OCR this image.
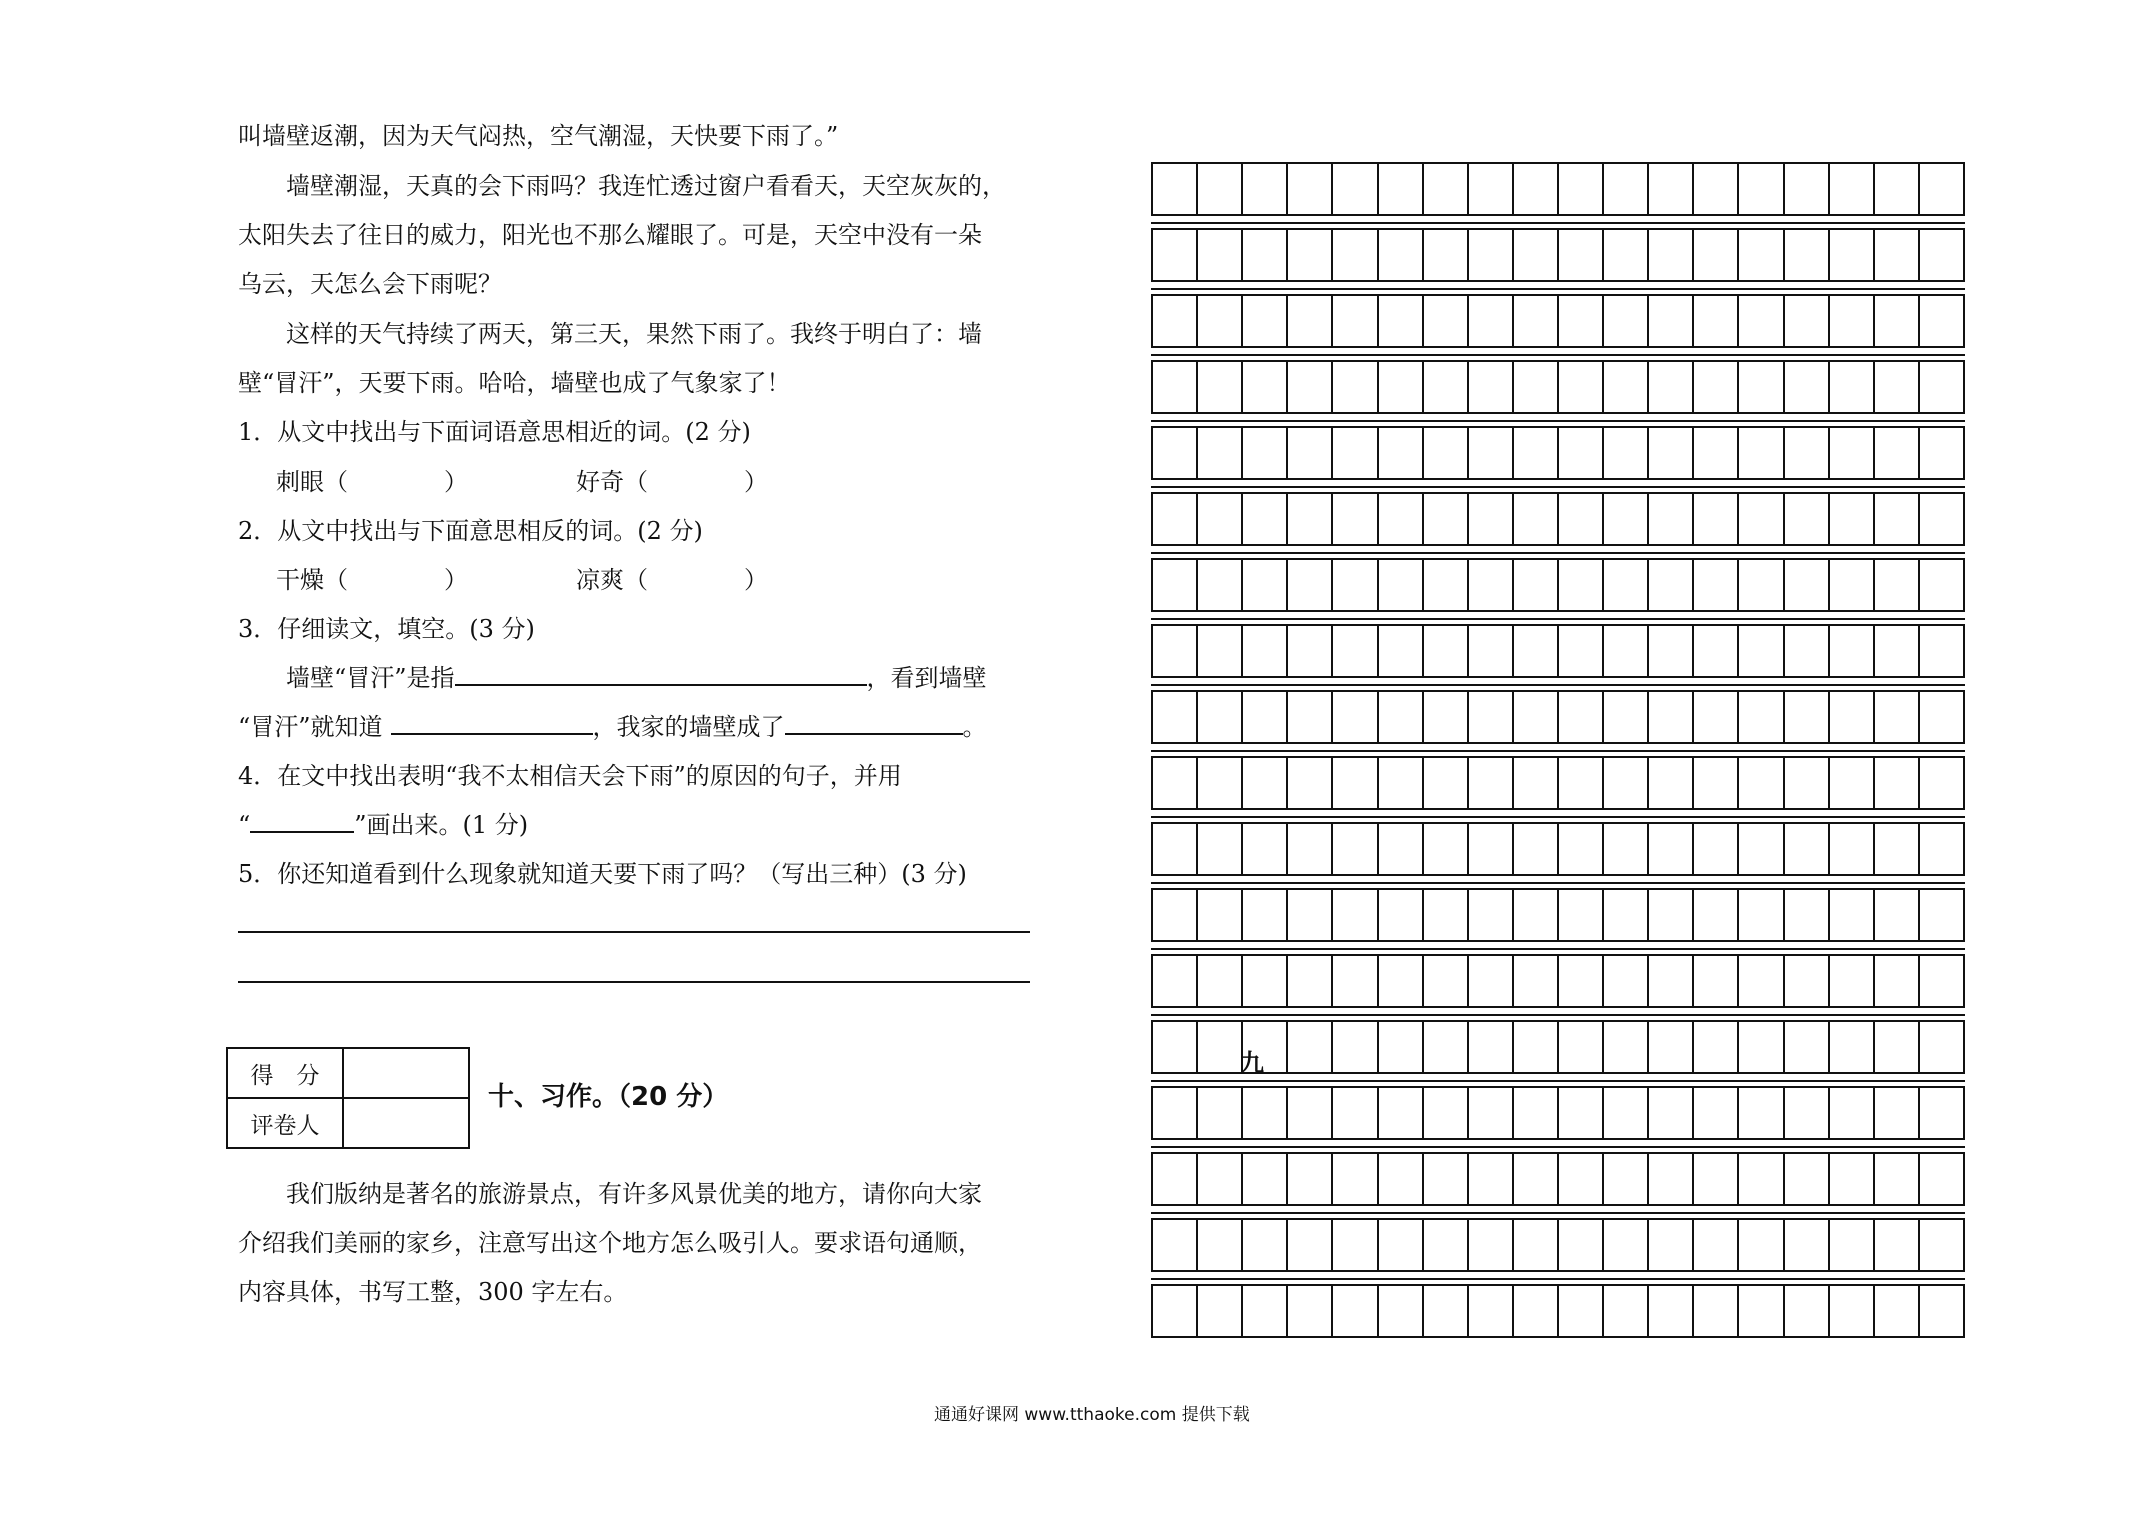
叫墙壁返潮，因为天气闷热，空气潮湿，天快要下雨了。”
墙壁潮湿，天真的会下雨吗？我连忙透过窗户看看天，天空灰灰的，
太阳失去了往日的威力，阳光也不那么耀眼了。可是，天空中没有一朵
乌云，天怎么会下雨呢？
这样的天气持续了两天，第三天，果然下雨了。我终于明白了：墙
壁“冒汗”，天要下雨。哈哈，墙壁也成了气象家了！
1．从文中找出与下面词语意思相近的词。(2 分)
刺眼（　　　　）	好奇（　　　　）
2．从文中找出与下面意思相反的词。(2 分)
干燥（　　　　）	凉爽（　　　　）
3．仔细读文，填空。(3 分)
墙壁“冒汗”是指	，看到墙壁
“冒汗”就知道	，我家的墙壁成了	。
4．在文中找出表明“我不太相信天会下雨”的原因的句子，并用
“	”画出来。(1 分)
5．你还知道看到什么现象就知道天要下雨了吗？（写出三种）(3 分)
得　分	
评卷人	
十、习作。（20 分）
我们版纳是著名的旅游景点，有许多风景优美的地方，请你向大家
介绍我们美丽的家乡，注意写出这个地方怎么吸引人。要求语句通顺，
内容具体，书写工整，300 字左右。
九
通通好课网 www.tthaoke.com 提供下载
